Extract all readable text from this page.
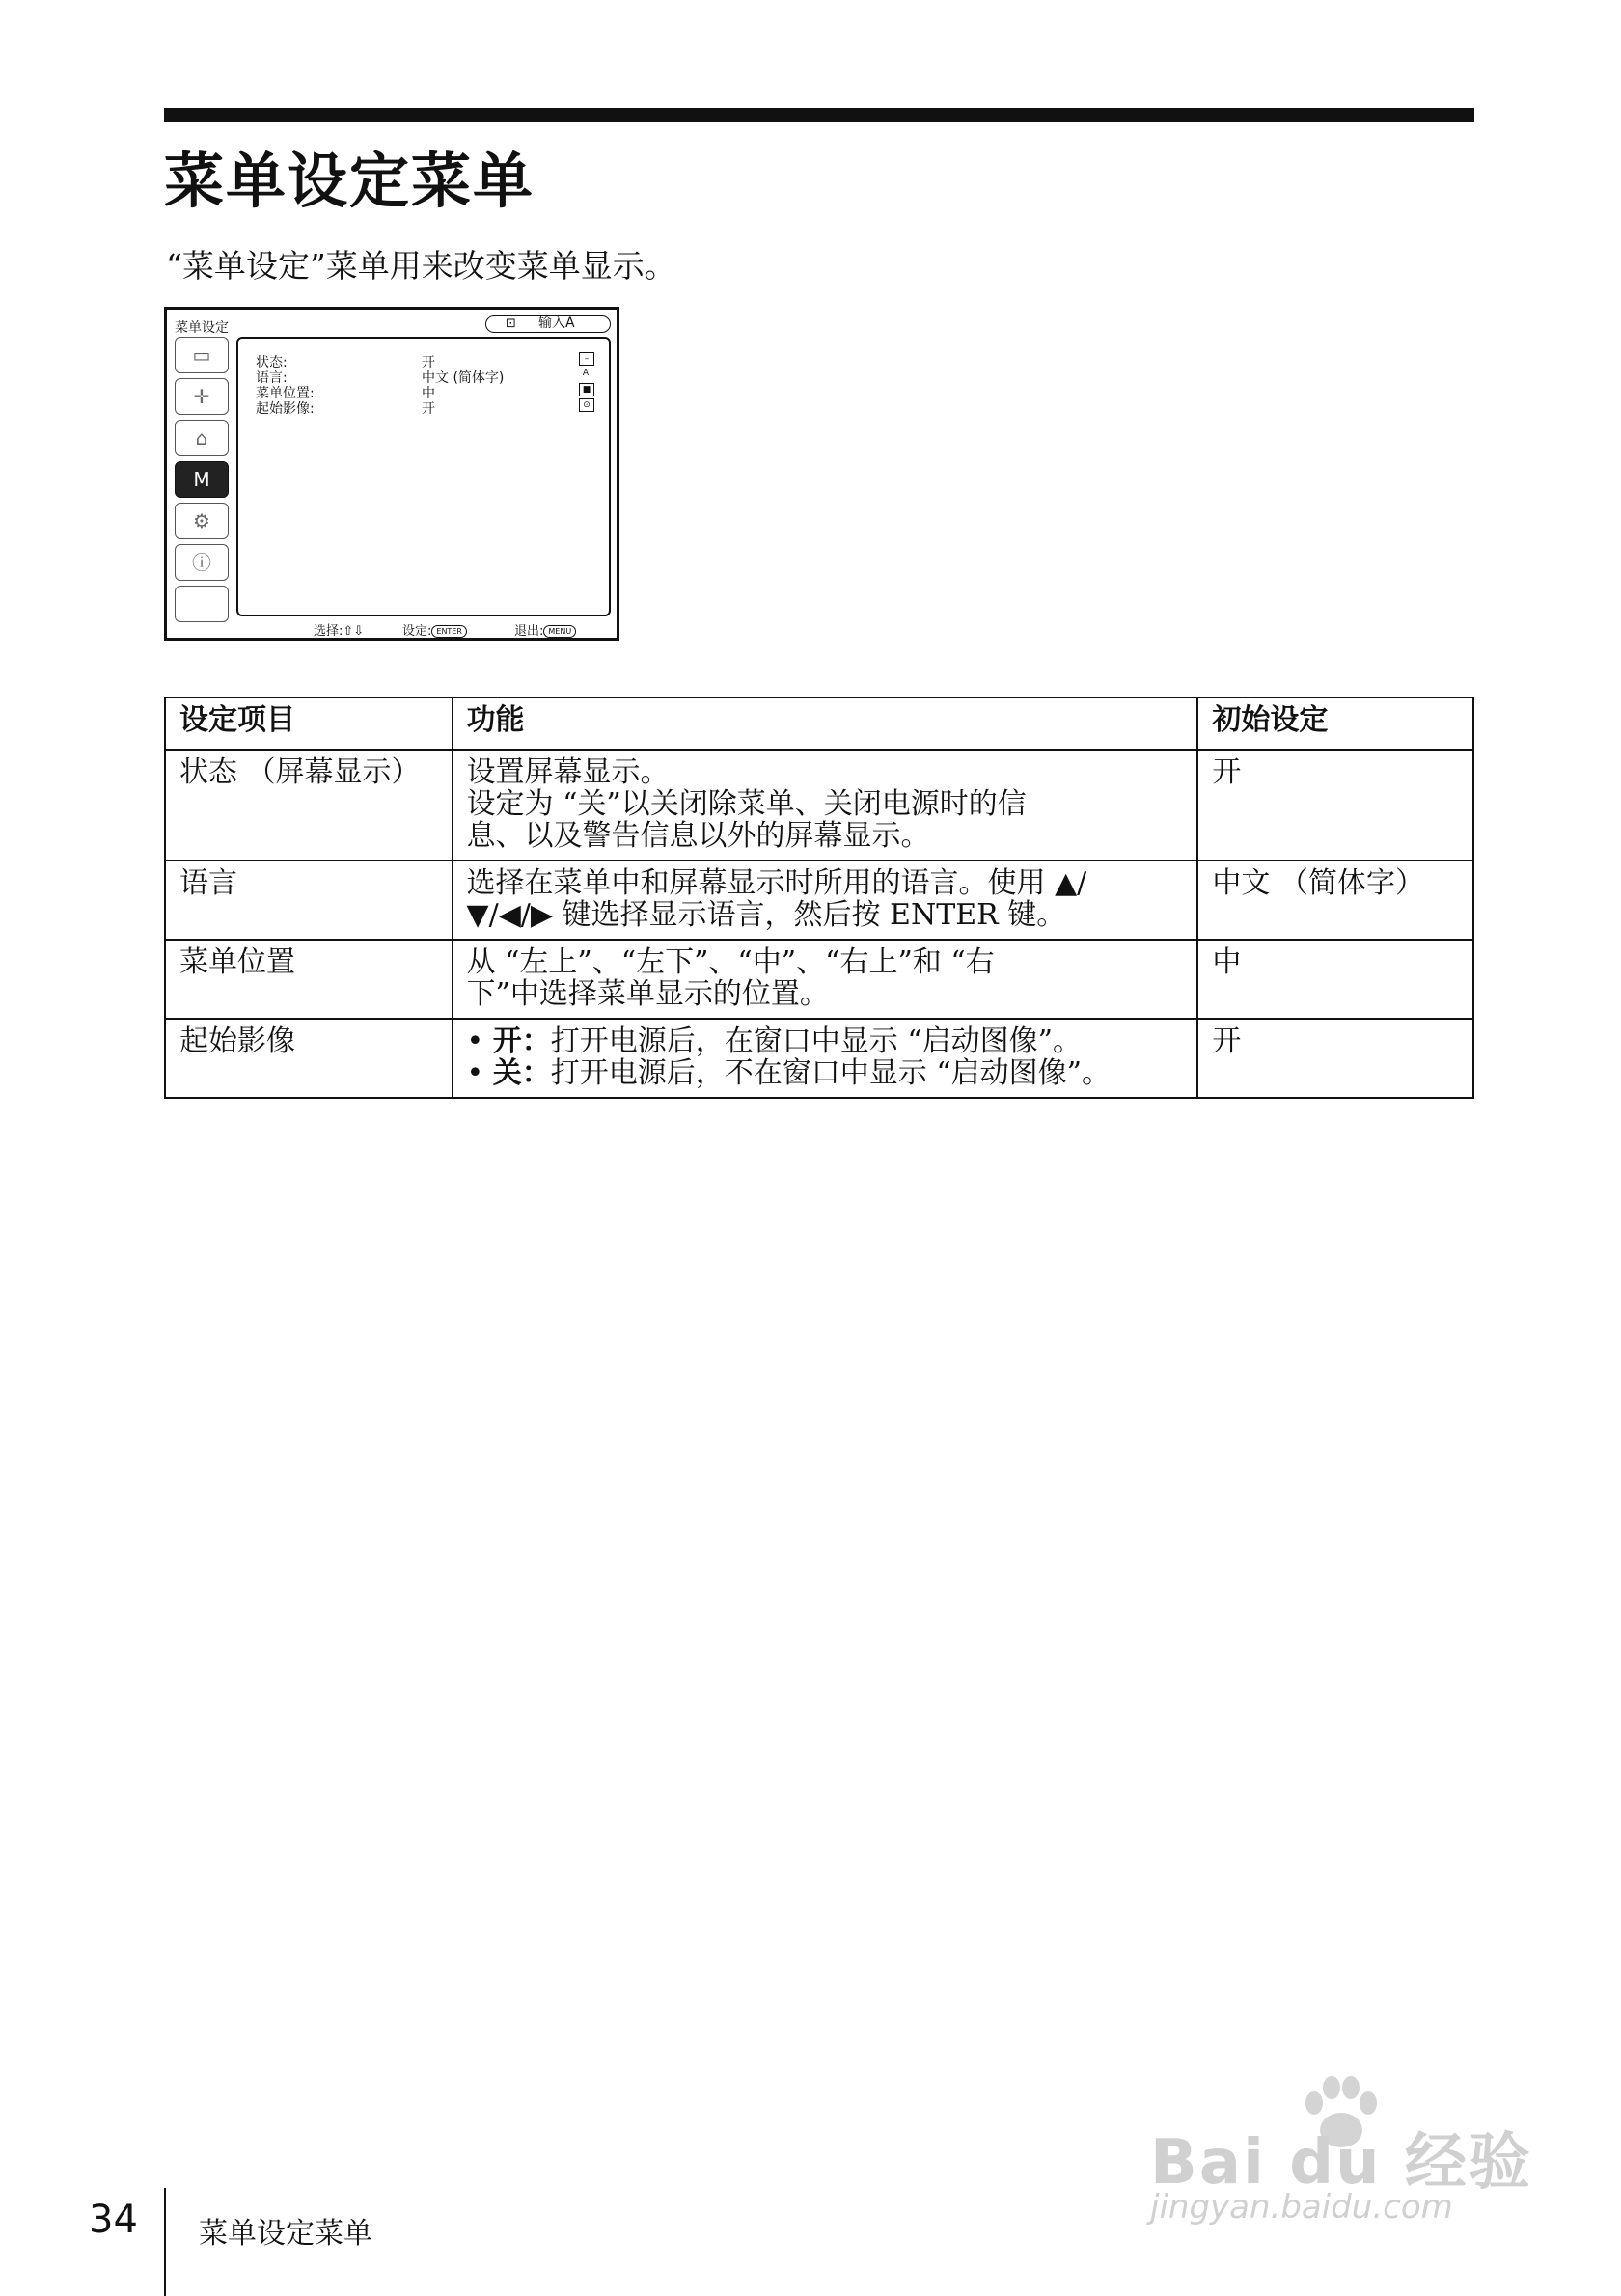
菜单设定菜单
“菜单设定”菜单用来改变菜单显示。
菜单设定	⊡ 输入A
▭
✛
⌂
M
⚙
ⓘ
状态:	开	–
语言:	中文 (简体字)	A
菜单位置:	中	■
起始影像:	开	⊙
选择:⇧⇩	设定: ENTER	退出: MENU
设定项目	功能	初始设定
状态 （屏幕显示）	设置屏幕显示。
设定为 “关”以关闭除菜单、关闭电源时的信
息、以及警告信息以外的屏幕显示。	开
语言	选择在菜单中和屏幕显示时所用的语言。使用 ▲/
▼/◀/▶ 键选择显示语言，然后按 ENTER 键。	中文 （简体字）
菜单位置	从 “左上”、“左下”、“中”、“右上”和 “右
下”中选择菜单显示的位置。	中
起始影像	• 开：打开电源后，在窗口中显示 “启动图像”。
• 关：打开电源后，不在窗口中显示 “启动图像”。	开
34 菜单设定菜单
Bai du 经验
jingyan.baidu.com
